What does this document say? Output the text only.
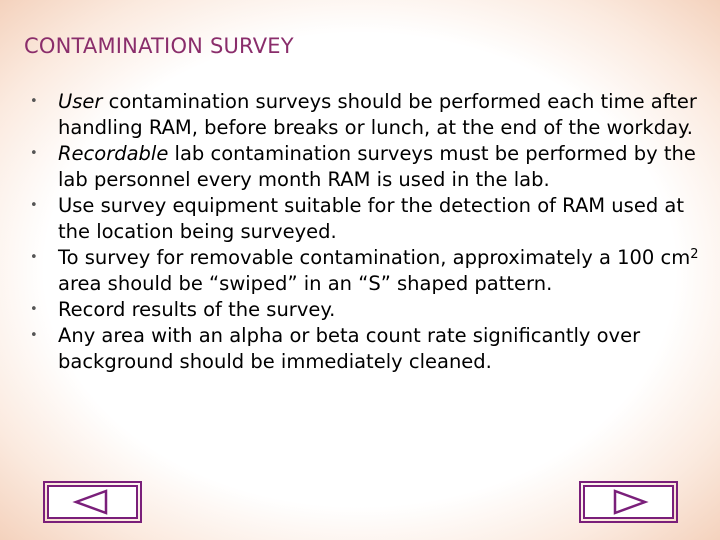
CONTAMINATION SURVEY
• User contamination surveys should be performed each time after handling RAM, before breaks or lunch, at the end of the workday.
• Recordable lab contamination surveys must be performed by the lab personnel every month RAM is used in the lab.
• Use survey equipment suitable for the detection of RAM used at the location being surveyed.
• To survey for removable contamination, approximately a 100 $cm^2$ area should be “swiped” in an “S” shaped pattern.
• Record results of the survey.
• Any area with an alpha or beta count rate significantly over background should be immediately cleaned.
